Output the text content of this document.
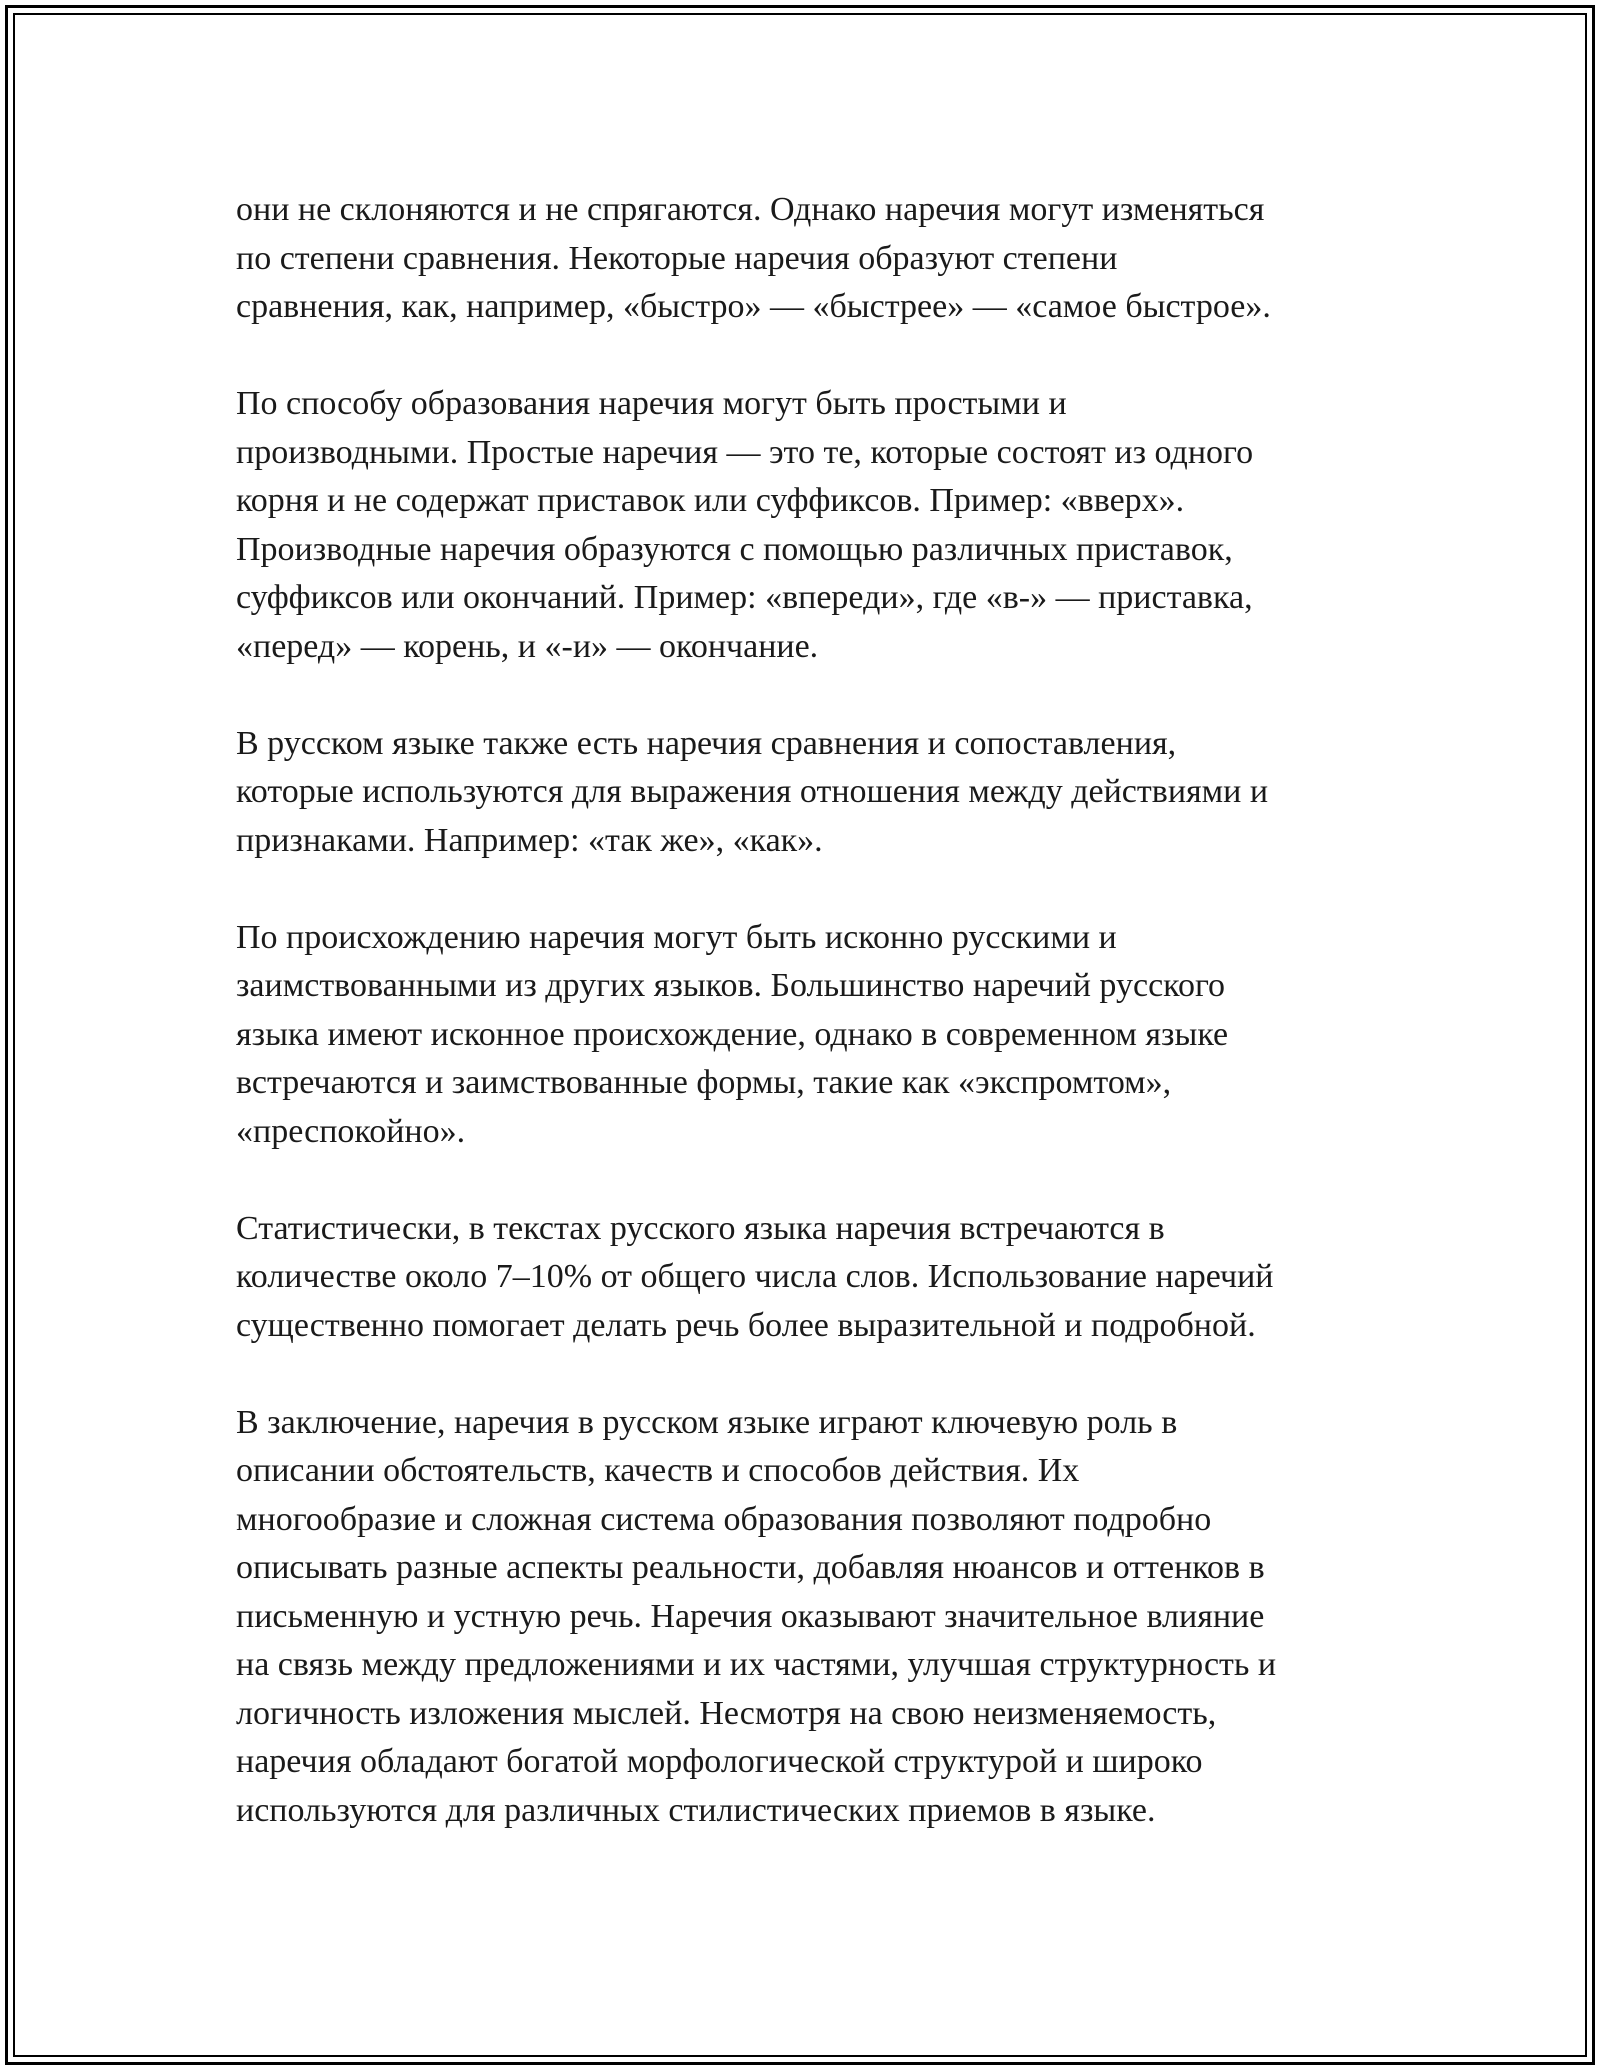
они не склоняются и не спрягаются. Однако наречия могут изменяться
по степени сравнения. Некоторые наречия образуют степени
сравнения, как, например, «быстро» — «быстрее» — «самое быстрое».

По способу образования наречия могут быть простыми и
производными. Простые наречия — это те, которые состоят из одного
корня и не содержат приставок или суффиксов. Пример: «вверх».
Производные наречия образуются с помощью различных приставок,
суффиксов или окончаний. Пример: «впереди», где «в-» — приставка,
«перед» — корень, и «-и» — окончание.

В русском языке также есть наречия сравнения и сопоставления,
которые используются для выражения отношения между действиями и
признаками. Например: «так же», «как».

По происхождению наречия могут быть исконно русскими и
заимствованными из других языков. Большинство наречий русского
языка имеют исконное происхождение, однако в современном языке
встречаются и заимствованные формы, такие как «экспромтом»,
«преспокойно».

Статистически, в текстах русского языка наречия встречаются в
количестве около 7–10% от общего числа слов. Использование наречий
существенно помогает делать речь более выразительной и подробной.

В заключение, наречия в русском языке играют ключевую роль в
описании обстоятельств, качеств и способов действия. Их
многообразие и сложная система образования позволяют подробно
описывать разные аспекты реальности, добавляя нюансов и оттенков в
письменную и устную речь. Наречия оказывают значительное влияние
на связь между предложениями и их частями, улучшая структурность и
логичность изложения мыслей. Несмотря на свою неизменяемость,
наречия обладают богатой морфологической структурой и широко
используются для различных стилистических приемов в языке.
